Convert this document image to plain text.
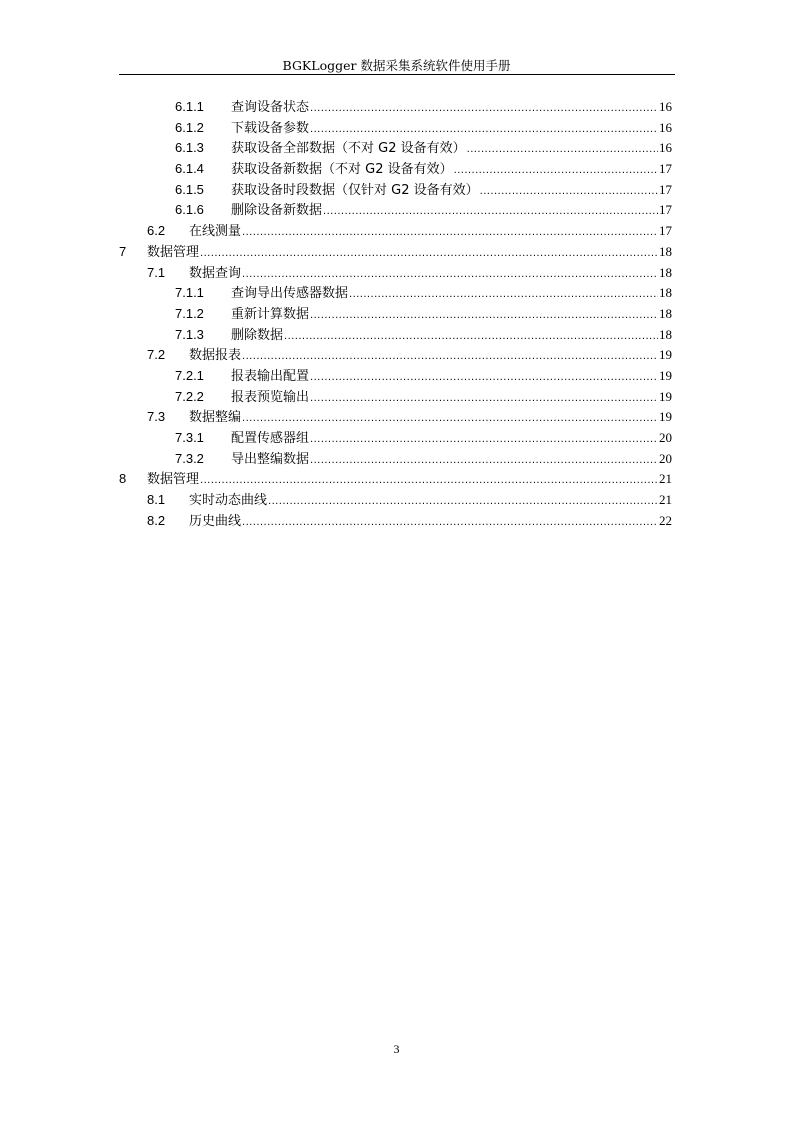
BGKLogger 数据采集系统软件使用手册
6.1.1	查询设备状态 .....	16
6.1.2	下载设备参数 .....	16
6.1.3	获取设备全部数据（不对 G2 设备有效） .....	16
6.1.4	获取设备新数据（不对 G2 设备有效） .....	17
6.1.5	获取设备时段数据（仅针对 G2 设备有效） .....	17
6.1.6	删除设备新数据 .....	17
6.2	在线测量 .....	17
7	数据管理 .....	18
7.1	数据查询 .....	18
7.1.1	查询导出传感器数据 .....	18
7.1.2	重新计算数据 .....	18
7.1.3	删除数据 .....	18
7.2	数据报表 .....	19
7.2.1	报表输出配置 .....	19
7.2.2	报表预览输出 .....	19
7.3	数据整编 .....	19
7.3.1	配置传感器组 .....	20
7.3.2	导出整编数据 .....	20
8	数据管理 .....	21
8.1	实时动态曲线 .....	21
8.2	历史曲线 .....	22
3
